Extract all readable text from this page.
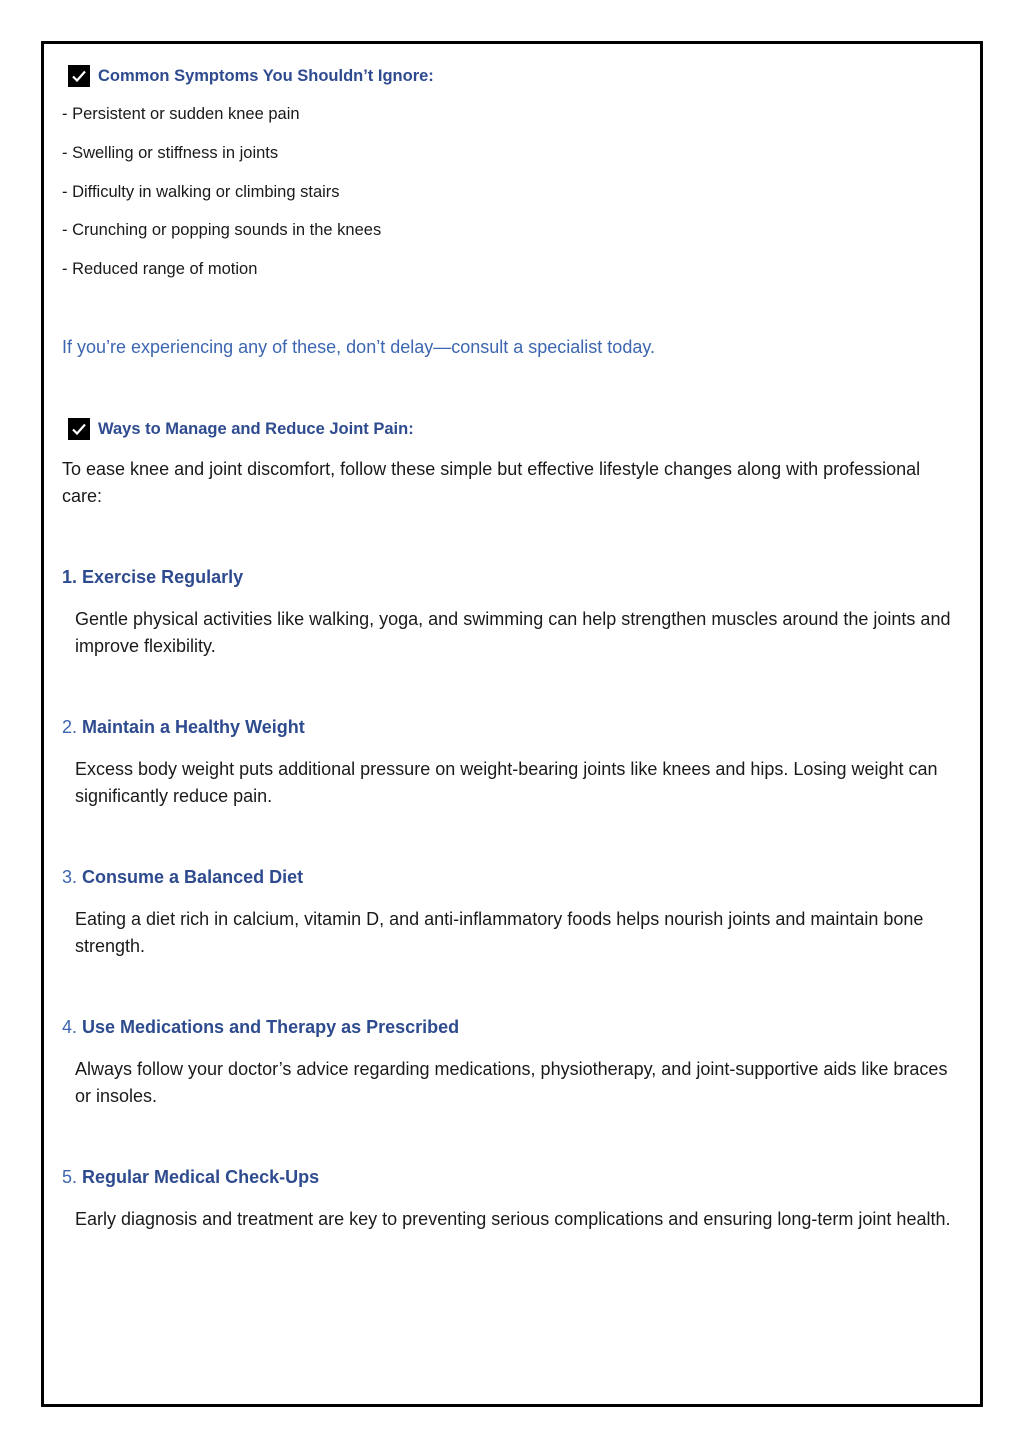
Common Symptoms You Shouldn’t Ignore:
- Persistent or sudden knee pain
- Swelling or stiffness in joints
- Difficulty in walking or climbing stairs
- Crunching or popping sounds in the knees
- Reduced range of motion
If you’re experiencing any of these, don’t delay—consult a specialist today.
Ways to Manage and Reduce Joint Pain:
To ease knee and joint discomfort, follow these simple but effective lifestyle changes along with professional care:
1. Exercise Regularly
Gentle physical activities like walking, yoga, and swimming can help strengthen muscles around the joints and improve flexibility.
2. Maintain a Healthy Weight
Excess body weight puts additional pressure on weight-bearing joints like knees and hips. Losing weight can significantly reduce pain.
3. Consume a Balanced Diet
Eating a diet rich in calcium, vitamin D, and anti-inflammatory foods helps nourish joints and maintain bone strength.
4. Use Medications and Therapy as Prescribed
Always follow your doctor’s advice regarding medications, physiotherapy, and joint-supportive aids like braces or insoles.
5. Regular Medical Check-Ups
Early diagnosis and treatment are key to preventing serious complications and ensuring long-term joint health.
